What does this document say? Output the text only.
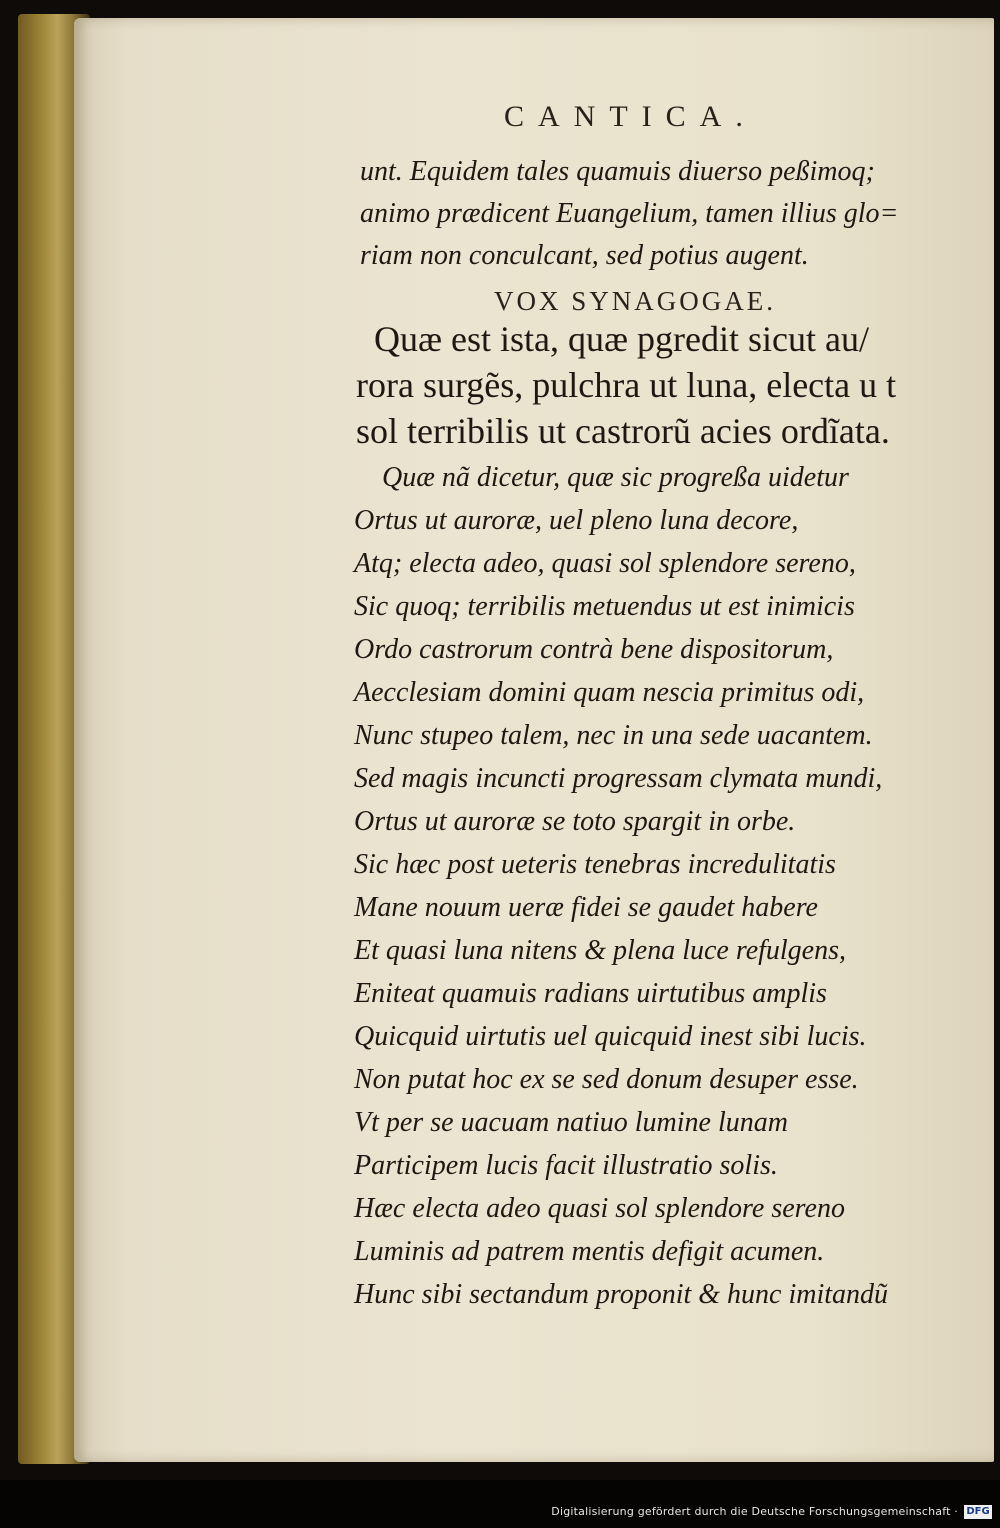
CANTICA.
unt. Equidem tales quamuis diuerso peßimoq;
animo prædicent Euangelium, tamen illius glo=
riam non conculcant, sed potius augent.
VOX SYNAGOGAE.
Quæ est ista, quæ pgredit sicut au/
rora surgẽs, pulchra ut luna, electa u t
sol terribilis ut castrorũ acies ordĩata.
Quæ nã dicetur, quæ sic progreßa uidetur
Ortus ut auroræ, uel pleno luna decore,
Atq; electa adeo, quasi sol splendore sereno,
Sic quoq; terribilis metuendus ut est inimicis
Ordo castrorum contrà bene dispositorum,
Aecclesiam domini quam nescia primitus odi,
Nunc stupeo talem, nec in una sede uacantem.
Sed magis incuncti progressam clymata mundi,
Ortus ut auroræ se toto spargit in orbe.
Sic hæc post ueteris tenebras incredulitatis
Mane nouum ueræ fidei se gaudet habere
Et quasi luna nitens & plena luce refulgens,
Eniteat quamuis radians uirtutibus amplis
Quicquid uirtutis uel quicquid inest sibi lucis.
Non putat hoc ex se sed donum desuper esse.
Vt per se uacuam natiuo lumine lunam
Participem lucis facit illustratio solis.
Hæc electa adeo quasi sol splendore sereno
Luminis ad patrem mentis defigit acumen.
Hunc sibi sectandum proponit & hunc imitandũ
Digitalisierung gefördert durch die Deutsche Forschungsgemeinschaft · DFG
